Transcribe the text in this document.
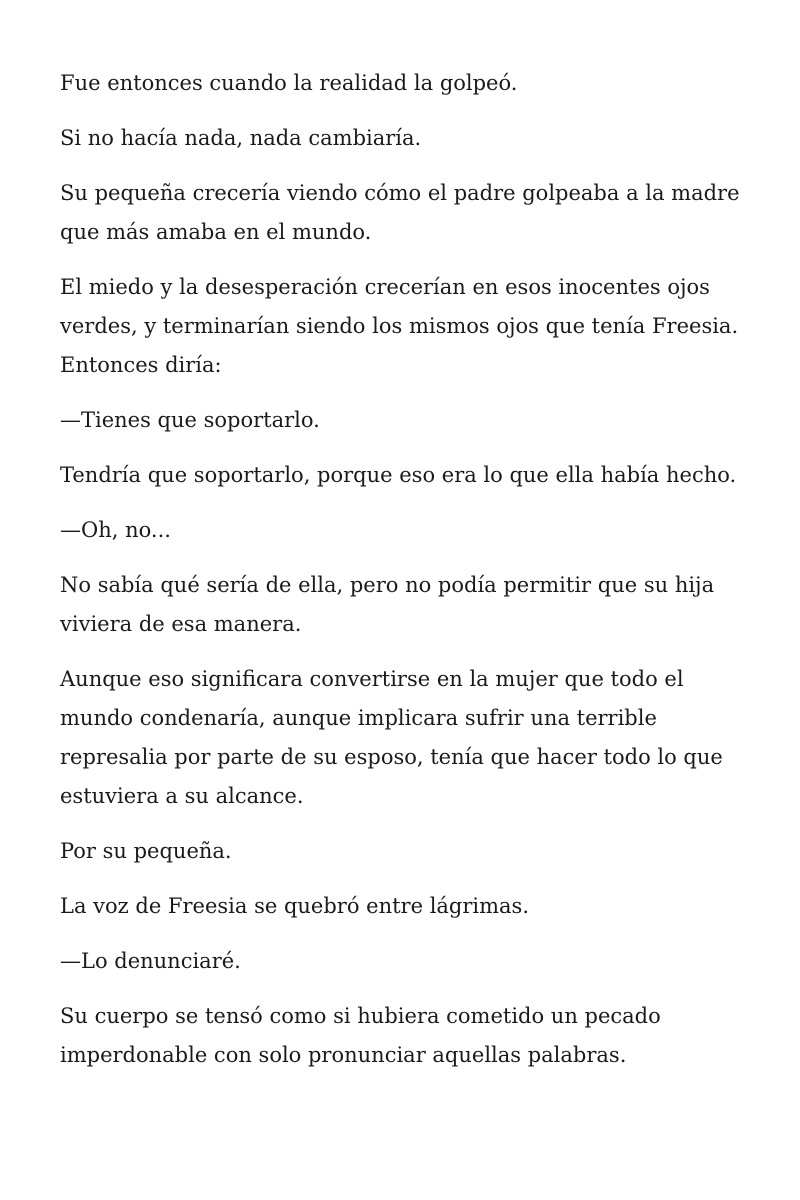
Fue entonces cuando la realidad la golpeó.

Si no hacía nada, nada cambiaría.

Su pequeña crecería viendo cómo el padre golpeaba a la madre que más amaba en el mundo.

El miedo y la desesperación crecerían en esos inocentes ojos verdes, y terminarían siendo los mismos ojos que tenía Freesia. Entonces diría:

—Tienes que soportarlo.

Tendría que soportarlo, porque eso era lo que ella había hecho.

—Oh, no...

No sabía qué sería de ella, pero no podía permitir que su hija viviera de esa manera.

Aunque eso significara convertirse en la mujer que todo el mundo condenaría, aunque implicara sufrir una terrible represalia por parte de su esposo, tenía que hacer todo lo que estuviera a su alcance.

Por su pequeña.

La voz de Freesia se quebró entre lágrimas.

—Lo denunciaré.

Su cuerpo se tensó como si hubiera cometido un pecado imperdonable con solo pronunciar aquellas palabras.
